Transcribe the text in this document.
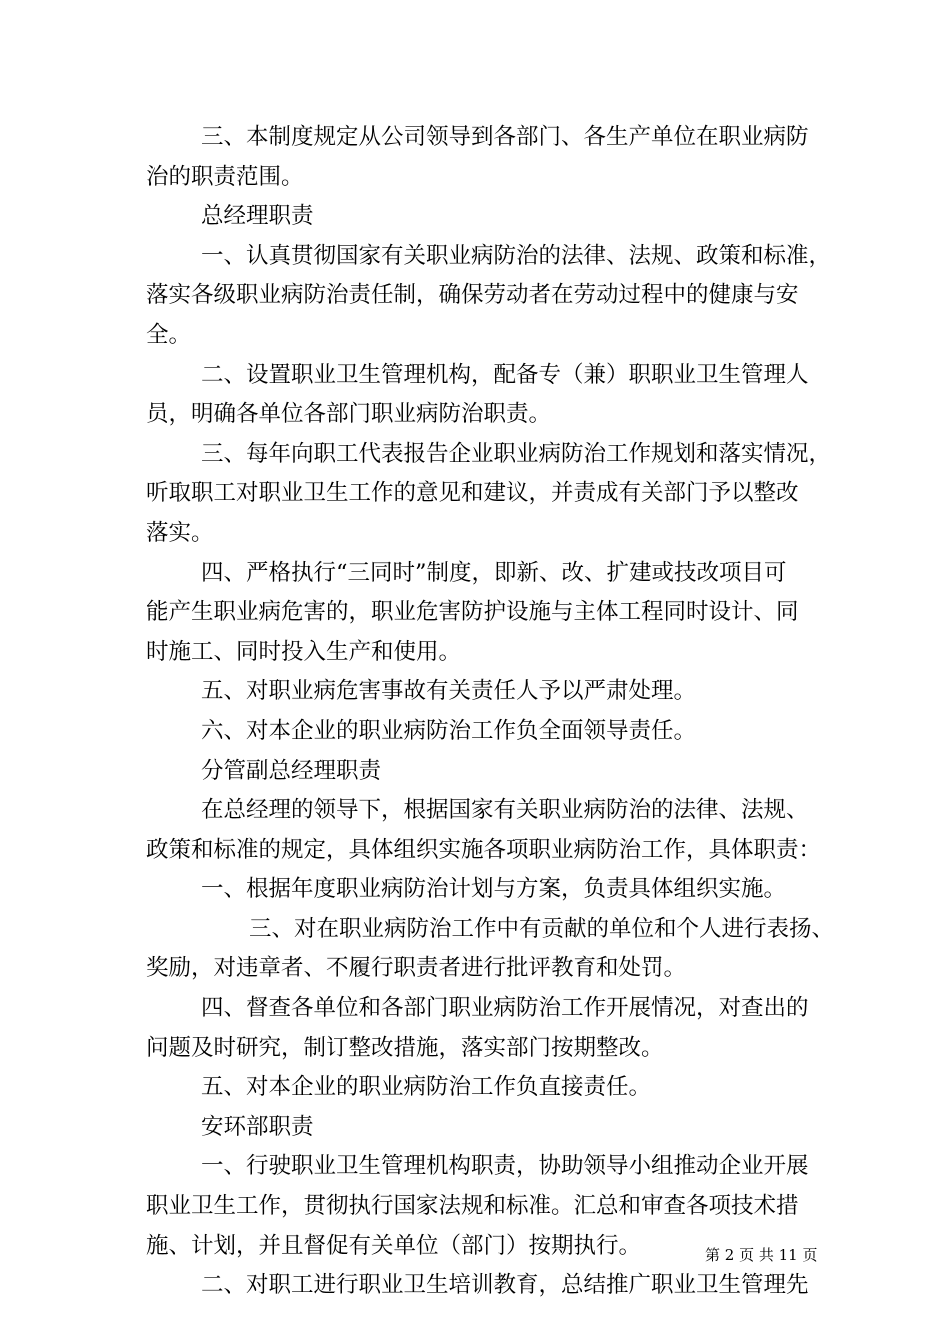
三、本制度规定从公司领导到各部门、各生产单位在职业病防
治的职责范围。
总经理职责
一、认真贯彻国家有关职业病防治的法律、法规、政策和标准，
落实各级职业病防治责任制，确保劳动者在劳动过程中的健康与安
全。
二、设置职业卫生管理机构，配备专（兼）职职业卫生管理人
员，明确各单位各部门职业病防治职责。
三、每年向职工代表报告企业职业病防治工作规划和落实情况，
听取职工对职业卫生工作的意见和建议，并责成有关部门予以整改
落实。
四、严格执行“三同时”制度，即新、改、扩建或技改项目可
能产生职业病危害的，职业危害防护设施与主体工程同时设计、同
时施工、同时投入生产和使用。
五、对职业病危害事故有关责任人予以严肃处理。
六、对本企业的职业病防治工作负全面领导责任。
分管副总经理职责
在总经理的领导下，根据国家有关职业病防治的法律、法规、
政策和标准的规定，具体组织实施各项职业病防治工作，具体职责：
一、根据年度职业病防治计划与方案，负责具体组织实施。
三、对在职业病防治工作中有贡献的单位和个人进行表扬、
奖励，对违章者、不履行职责者进行批评教育和处罚。
四、督查各单位和各部门职业病防治工作开展情况，对查出的
问题及时研究，制订整改措施，落实部门按期整改。
五、对本企业的职业病防治工作负直接责任。
安环部职责
一、行驶职业卫生管理机构职责，协助领导小组推动企业开展
职业卫生工作，贯彻执行国家法规和标准。汇总和审查各项技术措
施、计划，并且督促有关单位（部门）按期执行。
二、对职工进行职业卫生培训教育，总结推广职业卫生管理先
第 2 页 共 11 页
